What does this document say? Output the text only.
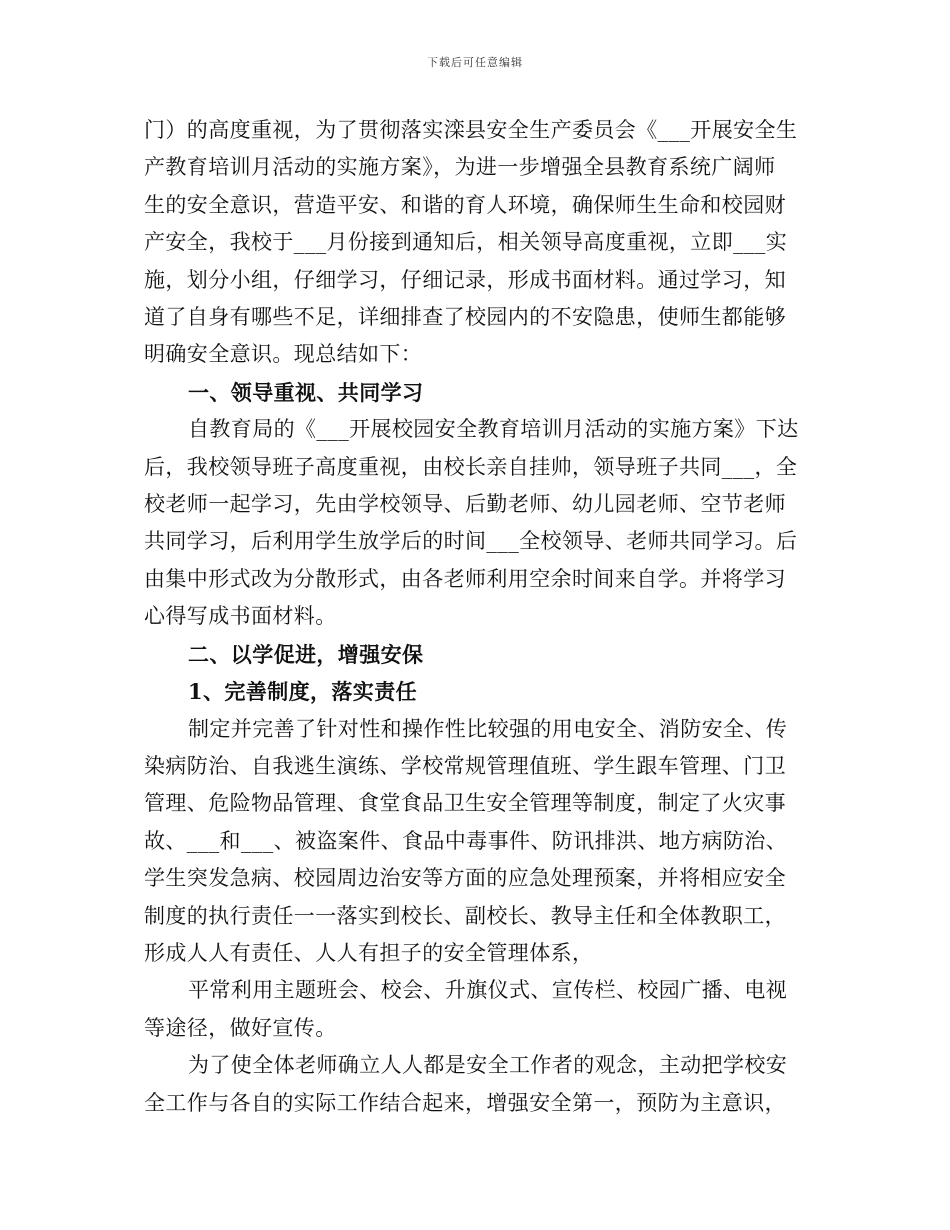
下载后可任意编辑

门）的高度重视，为了贯彻落实滦县安全生产委员会《___开展安全生
产教育培训月活动的实施方案》，为进一步增强全县教育系统广阔师
生的安全意识，营造平安、和谐的育人环境，确保师生生命和校园财
产安全，我校于___月份接到通知后，相关领导高度重视，立即___实
施，划分小组，仔细学习，仔细记录，形成书面材料。通过学习，知
道了自身有哪些不足，详细排查了校园内的不安隐患，使师生都能够
明确安全意识。现总结如下：

一、领导重视、共同学习

自教育局的《___开展校园安全教育培训月活动的实施方案》下达
后，我校领导班子高度重视，由校长亲自挂帅，领导班子共同___，全
校老师一起学习，先由学校领导、后勤老师、幼儿园老师、空节老师
共同学习，后利用学生放学后的时间___全校领导、老师共同学习。后
由集中形式改为分散形式，由各老师利用空余时间来自学。并将学习
心得写成书面材料。

二、以学促进，增强安保

1、完善制度，落实责任

制定并完善了针对性和操作性比较强的用电安全、消防安全、传
染病防治、自我逃生演练、学校常规管理值班、学生跟车管理、门卫
管理、危险物品管理、食堂食品卫生安全管理等制度，制定了火灾事
故、___和___、被盗案件、食品中毒事件、防讯排洪、地方病防治、
学生突发急病、校园周边治安等方面的应急处理预案，并将相应安全
制度的执行责任一一落实到校长、副校长、教导主任和全体教职工，
形成人人有责任、人人有担子的安全管理体系，

平常利用主题班会、校会、升旗仪式、宣传栏、校园广播、电视
等途径，做好宣传。

为了使全体老师确立人人都是安全工作者的观念，主动把学校安
全工作与各自的实际工作结合起来，增强安全第一，预防为主意识，
